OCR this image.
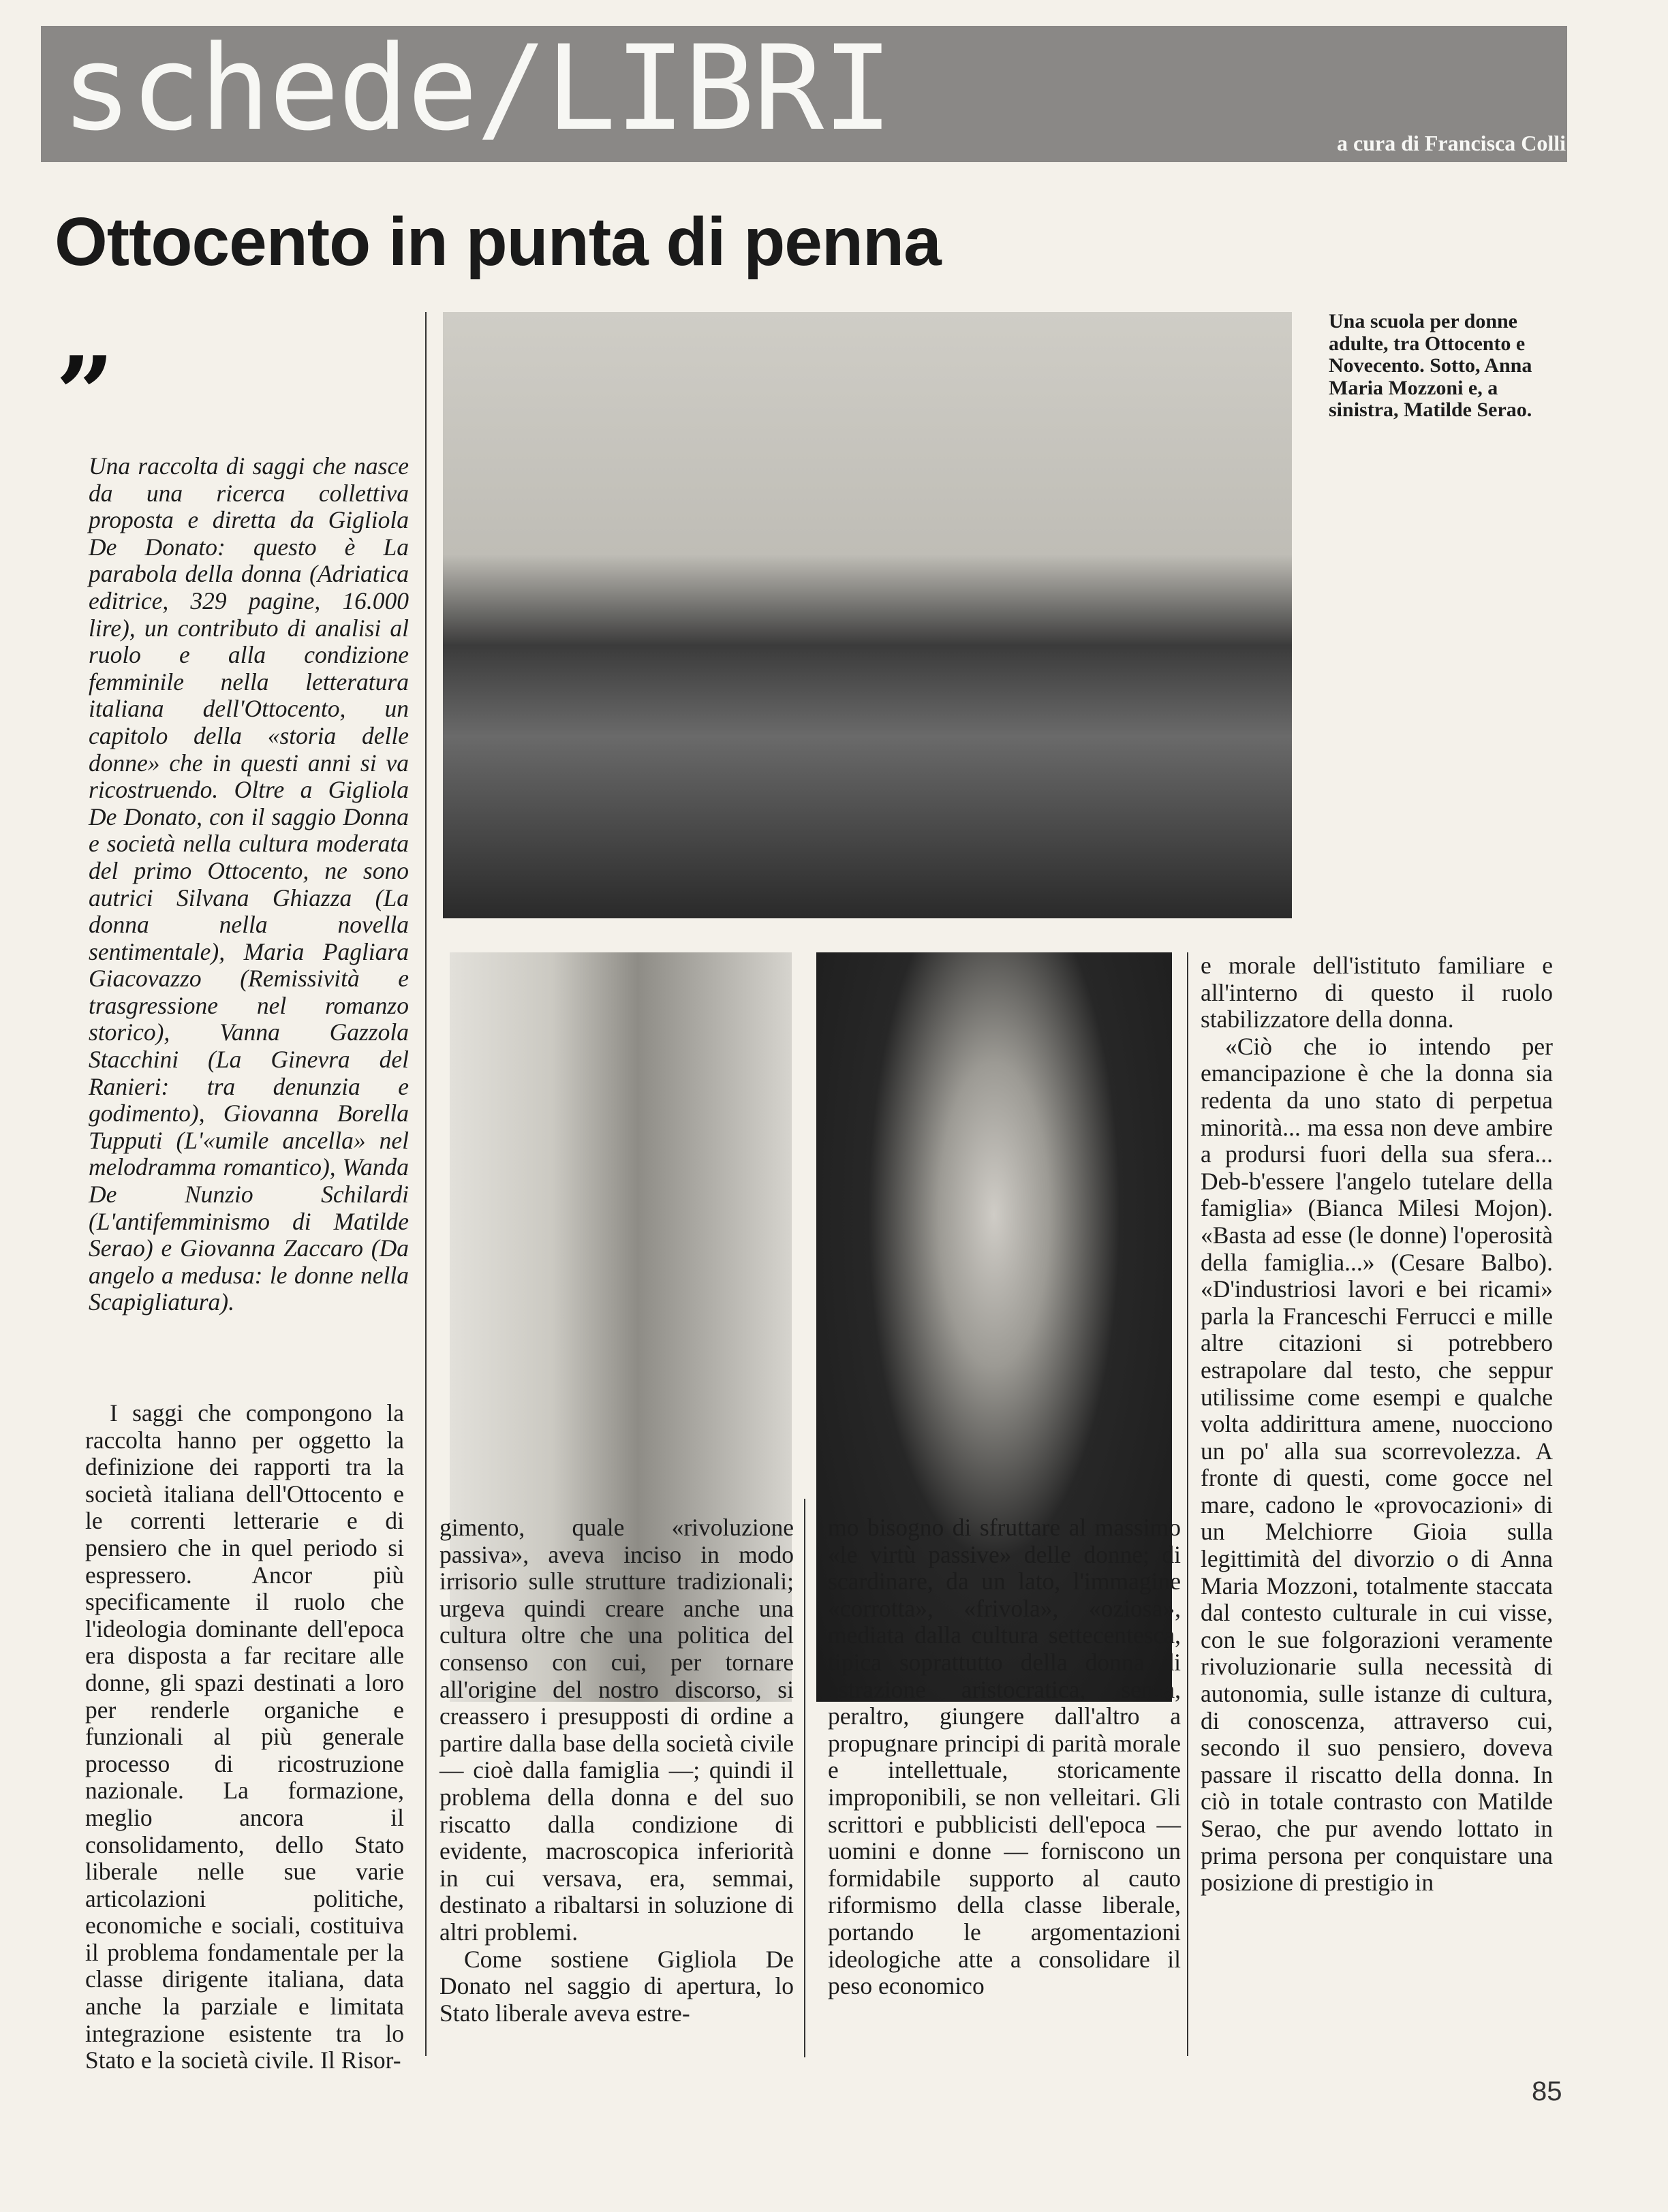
schede/LIBRI	a cura di Francisca Colli
Ottocento in punta di penna
“

Una raccolta di saggi che nasce da una ricerca collettiva proposta e diretta da Gigliola De Donato: questo è La parabola della donna (Adriatica editrice, 329 pagine, 16.000 lire), un contributo di analisi al ruolo e alla condizione femminile nella letteratura italiana dell'Ottocento, un capitolo della «storia delle donne» che in questi anni si va ricostruendo. Oltre a Gigliola De Donato, con il saggio Donna e società nella cultura moderata del primo Ottocento, ne sono autrici Silvana Ghiazza (La donna nella novella sentimentale), Maria Pagliara Giacovazzo (Remissività e trasgressione nel romanzo storico), Vanna Gazzola Stacchini (La Ginevra del Ranieri: tra denunzia e godimento), Giovanna Borella Tupputi (L'«umile ancella» nel melodramma romantico), Wanda De Nunzio Schilardi (L'antifemminismo di Matilde Serao) e Giovanna Zaccaro (Da angelo a medusa: le donne nella Scapigliatura).

Una scuola per donne adulte, tra Ottocento e Novecento. Sotto, Anna Maria Mozzoni e, a sinistra, Matilde Serao.

I saggi che compongono la raccolta hanno per oggetto la definizione dei rapporti tra la società italiana dell'Ottocento e le correnti letterarie e di pensiero che in quel periodo si espressero. Ancor più specificamente il ruolo che l'ideologia dominante dell'epoca era disposta a far recitare alle donne, gli spazi destinati a loro per renderle organiche e funzionali al più generale processo di ricostruzione nazionale. La formazione, meglio ancora il consolidamento, dello Stato liberale nelle sue varie articolazioni politiche, economiche e sociali, costituiva il problema fondamentale per la classe dirigente italiana, data anche la parziale e limitata integrazione esistente tra lo Stato e la società civile. Il Risor-

gimento, quale «rivoluzione passiva», aveva inciso in modo irrisorio sulle strutture tradizionali; urgeva quindi creare anche una cultura oltre che una politica del consenso con cui, per tornare all'origine del nostro discorso, si creassero i presupposti di ordine a partire dalla base della società civile — cioè dalla famiglia —; quindi il problema della donna e del suo riscatto dalla condizione di evidente, macroscopica inferiorità in cui versava, era, semmai, destinato a ribaltarsi in soluzione di altri problemi.

Come sostiene Gigliola De Donato nel saggio di apertura, lo Stato liberale aveva estre-

mo bisogno di sfruttare al massimo «le virtù passive» delle donne; di scardinare, da un lato, l'immagine «corrotta», «frivola», «oziosa», mediata dalla cultura settecentesca, tipica soprattutto della donna di estrazione aristocratica, senza, peraltro, giungere dall'altro a propugnare principi di parità morale e intellettuale, storicamente improponibili, se non velleitari. Gli scrittori e pubblicisti dell'epoca — uomini e donne — forniscono un formidabile supporto al cauto riformismo della classe liberale, portando le argomentazioni ideologiche atte a consolidare il peso economico

e morale dell'istituto familiare e all'interno di questo il ruolo stabilizzatore della donna.

«Ciò che io intendo per emancipazione è che la donna sia redenta da uno stato di perpetua minorità... ma essa non deve ambire a prodursi fuori della sua sfera... Deb-b'essere l'angelo tutelare della famiglia» (Bianca Milesi Mojon). «Basta ad esse (le donne) l'operosità della famiglia...» (Cesare Balbo). «D'industriosi lavori e bei ricami» parla la Franceschi Ferrucci e mille altre citazioni si potrebbero estrapolare dal testo, che seppur utilissime come esempi e qualche volta addirittura amene, nuocciono un po' alla sua scorrevolezza. A fronte di questi, come gocce nel mare, cadono le «provocazioni» di un Melchiorre Gioia sulla legittimità del divorzio o di Anna Maria Mozzoni, totalmente staccata dal contesto culturale in cui visse, con le sue folgorazioni veramente rivoluzionarie sulla necessità di autonomia, sulle istanze di cultura, di conoscenza, attraverso cui, secondo il suo pensiero, doveva passare il riscatto della donna. In ciò in totale contrasto con Matilde Serao, che pur avendo lottato in prima persona per conquistare una posizione di prestigio in

85
